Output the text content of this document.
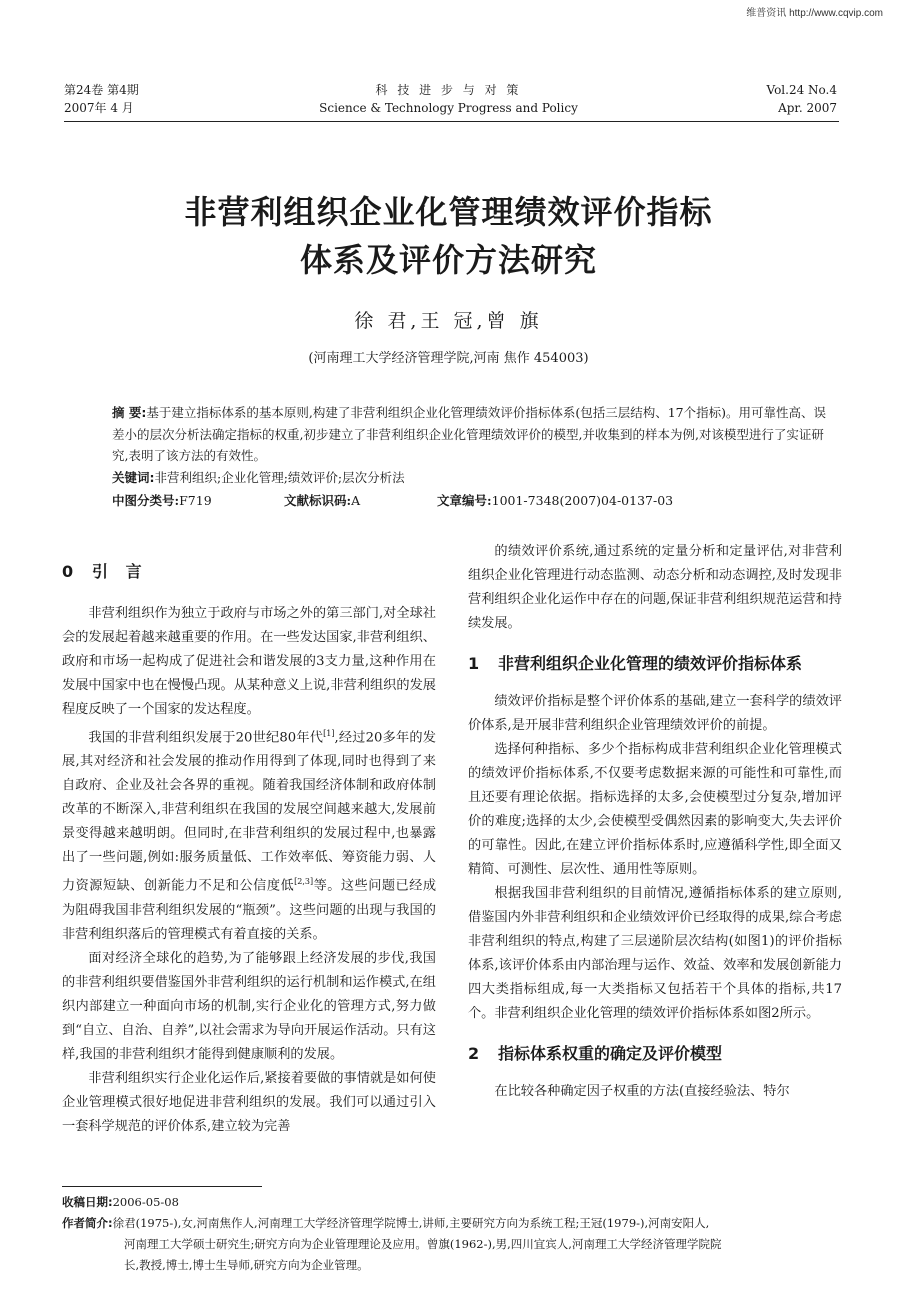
维普资讯 http://www.cqvip.com
第24卷 第4期
2007年 4 月
科 技 进 步 与 对 策
Science & Technology Progress and Policy
Vol.24 No.4
Apr. 2007
非营利组织企业化管理绩效评价指标
体系及评价方法研究
徐 君,王 冠,曾 旗
(河南理工大学经济管理学院,河南 焦作 454003)
摘 要:基于建立指标体系的基本原则,构建了非营利组织企业化管理绩效评价指标体系(包括三层结构、17个指标)。用可靠性高、误差小的层次分析法确定指标的权重,初步建立了非营利组织企业化管理绩效评价的模型,并收集到的样本为例,对该模型进行了实证研究,表明了该方法的有效性。
关键词:非营利组织;企业化管理;绩效评价;层次分析法
中图分类号:F719	文献标识码:A	文章编号:1001-7348(2007)04-0137-03
0 引 言

非营利组织作为独立于政府与市场之外的第三部门,对全球社会的发展起着越来越重要的作用。在一些发达国家,非营利组织、政府和市场一起构成了促进社会和谐发展的3支力量,这种作用在发展中国家中也在慢慢凸现。从某种意义上说,非营利组织的发展程度反映了一个国家的发达程度。

我国的非营利组织发展于20世纪80年代[1],经过20多年的发展,其对经济和社会发展的推动作用得到了体现,同时也得到了来自政府、企业及社会各界的重视。随着我国经济体制和政府体制改革的不断深入,非营利组织在我国的发展空间越来越大,发展前景变得越来越明朗。但同时,在非营利组织的发展过程中,也暴露出了一些问题,例如:服务质量低、工作效率低、筹资能力弱、人力资源短缺、创新能力不足和公信度低[2,3]等。这些问题已经成为阻碍我国非营利组织发展的“瓶颈”。这些问题的出现与我国的非营利组织落后的管理模式有着直接的关系。

面对经济全球化的趋势,为了能够跟上经济发展的步伐,我国的非营利组织要借鉴国外非营利组织的运行机制和运作模式,在组织内部建立一种面向市场的机制,实行企业化的管理方式,努力做到“自立、自治、自养”,以社会需求为导向开展运作活动。只有这样,我国的非营利组织才能得到健康顺利的发展。

非营利组织实行企业化运作后,紧接着要做的事情就是如何使企业管理模式很好地促进非营利组织的发展。我们可以通过引入一套科学规范的评价体系,建立较为完善

的绩效评价系统,通过系统的定量分析和定量评估,对非营利组织企业化管理进行动态监测、动态分析和动态调控,及时发现非营利组织企业化运作中存在的问题,保证非营利组织规范运营和持续发展。

1 非营利组织企业化管理的绩效评价指标体系

绩效评价指标是整个评价体系的基础,建立一套科学的绩效评价体系,是开展非营利组织企业管理绩效评价的前提。

选择何种指标、多少个指标构成非营利组织企业化管理模式的绩效评价指标体系,不仅要考虑数据来源的可能性和可靠性,而且还要有理论依据。指标选择的太多,会使模型过分复杂,增加评价的难度;选择的太少,会使模型受偶然因素的影响变大,失去评价的可靠性。因此,在建立评价指标体系时,应遵循科学性,即全面又精简、可测性、层次性、通用性等原则。

根据我国非营利组织的目前情况,遵循指标体系的建立原则,借鉴国内外非营利组织和企业绩效评价已经取得的成果,综合考虑非营利组织的特点,构建了三层递阶层次结构(如图1)的评价指标体系,该评价体系由内部治理与运作、效益、效率和发展创新能力四大类指标组成,每一大类指标又包括若干个具体的指标,共17个。非营利组织企业化管理的绩效评价指标体系如图2所示。

2 指标体系权重的确定及评价模型

在比较各种确定因子权重的方法(直接经验法、特尔

收稿日期:2006-05-08
作者简介:徐君(1975-),女,河南焦作人,河南理工大学经济管理学院博士,讲师,主要研究方向为系统工程;王冠(1979-),河南安阳人,
河南理工大学硕士研究生;研究方向为企业管理理论及应用。曾旗(1962-),男,四川宜宾人,河南理工大学经济管理学院院
长,教授,博士,博士生导师,研究方向为企业管理。
